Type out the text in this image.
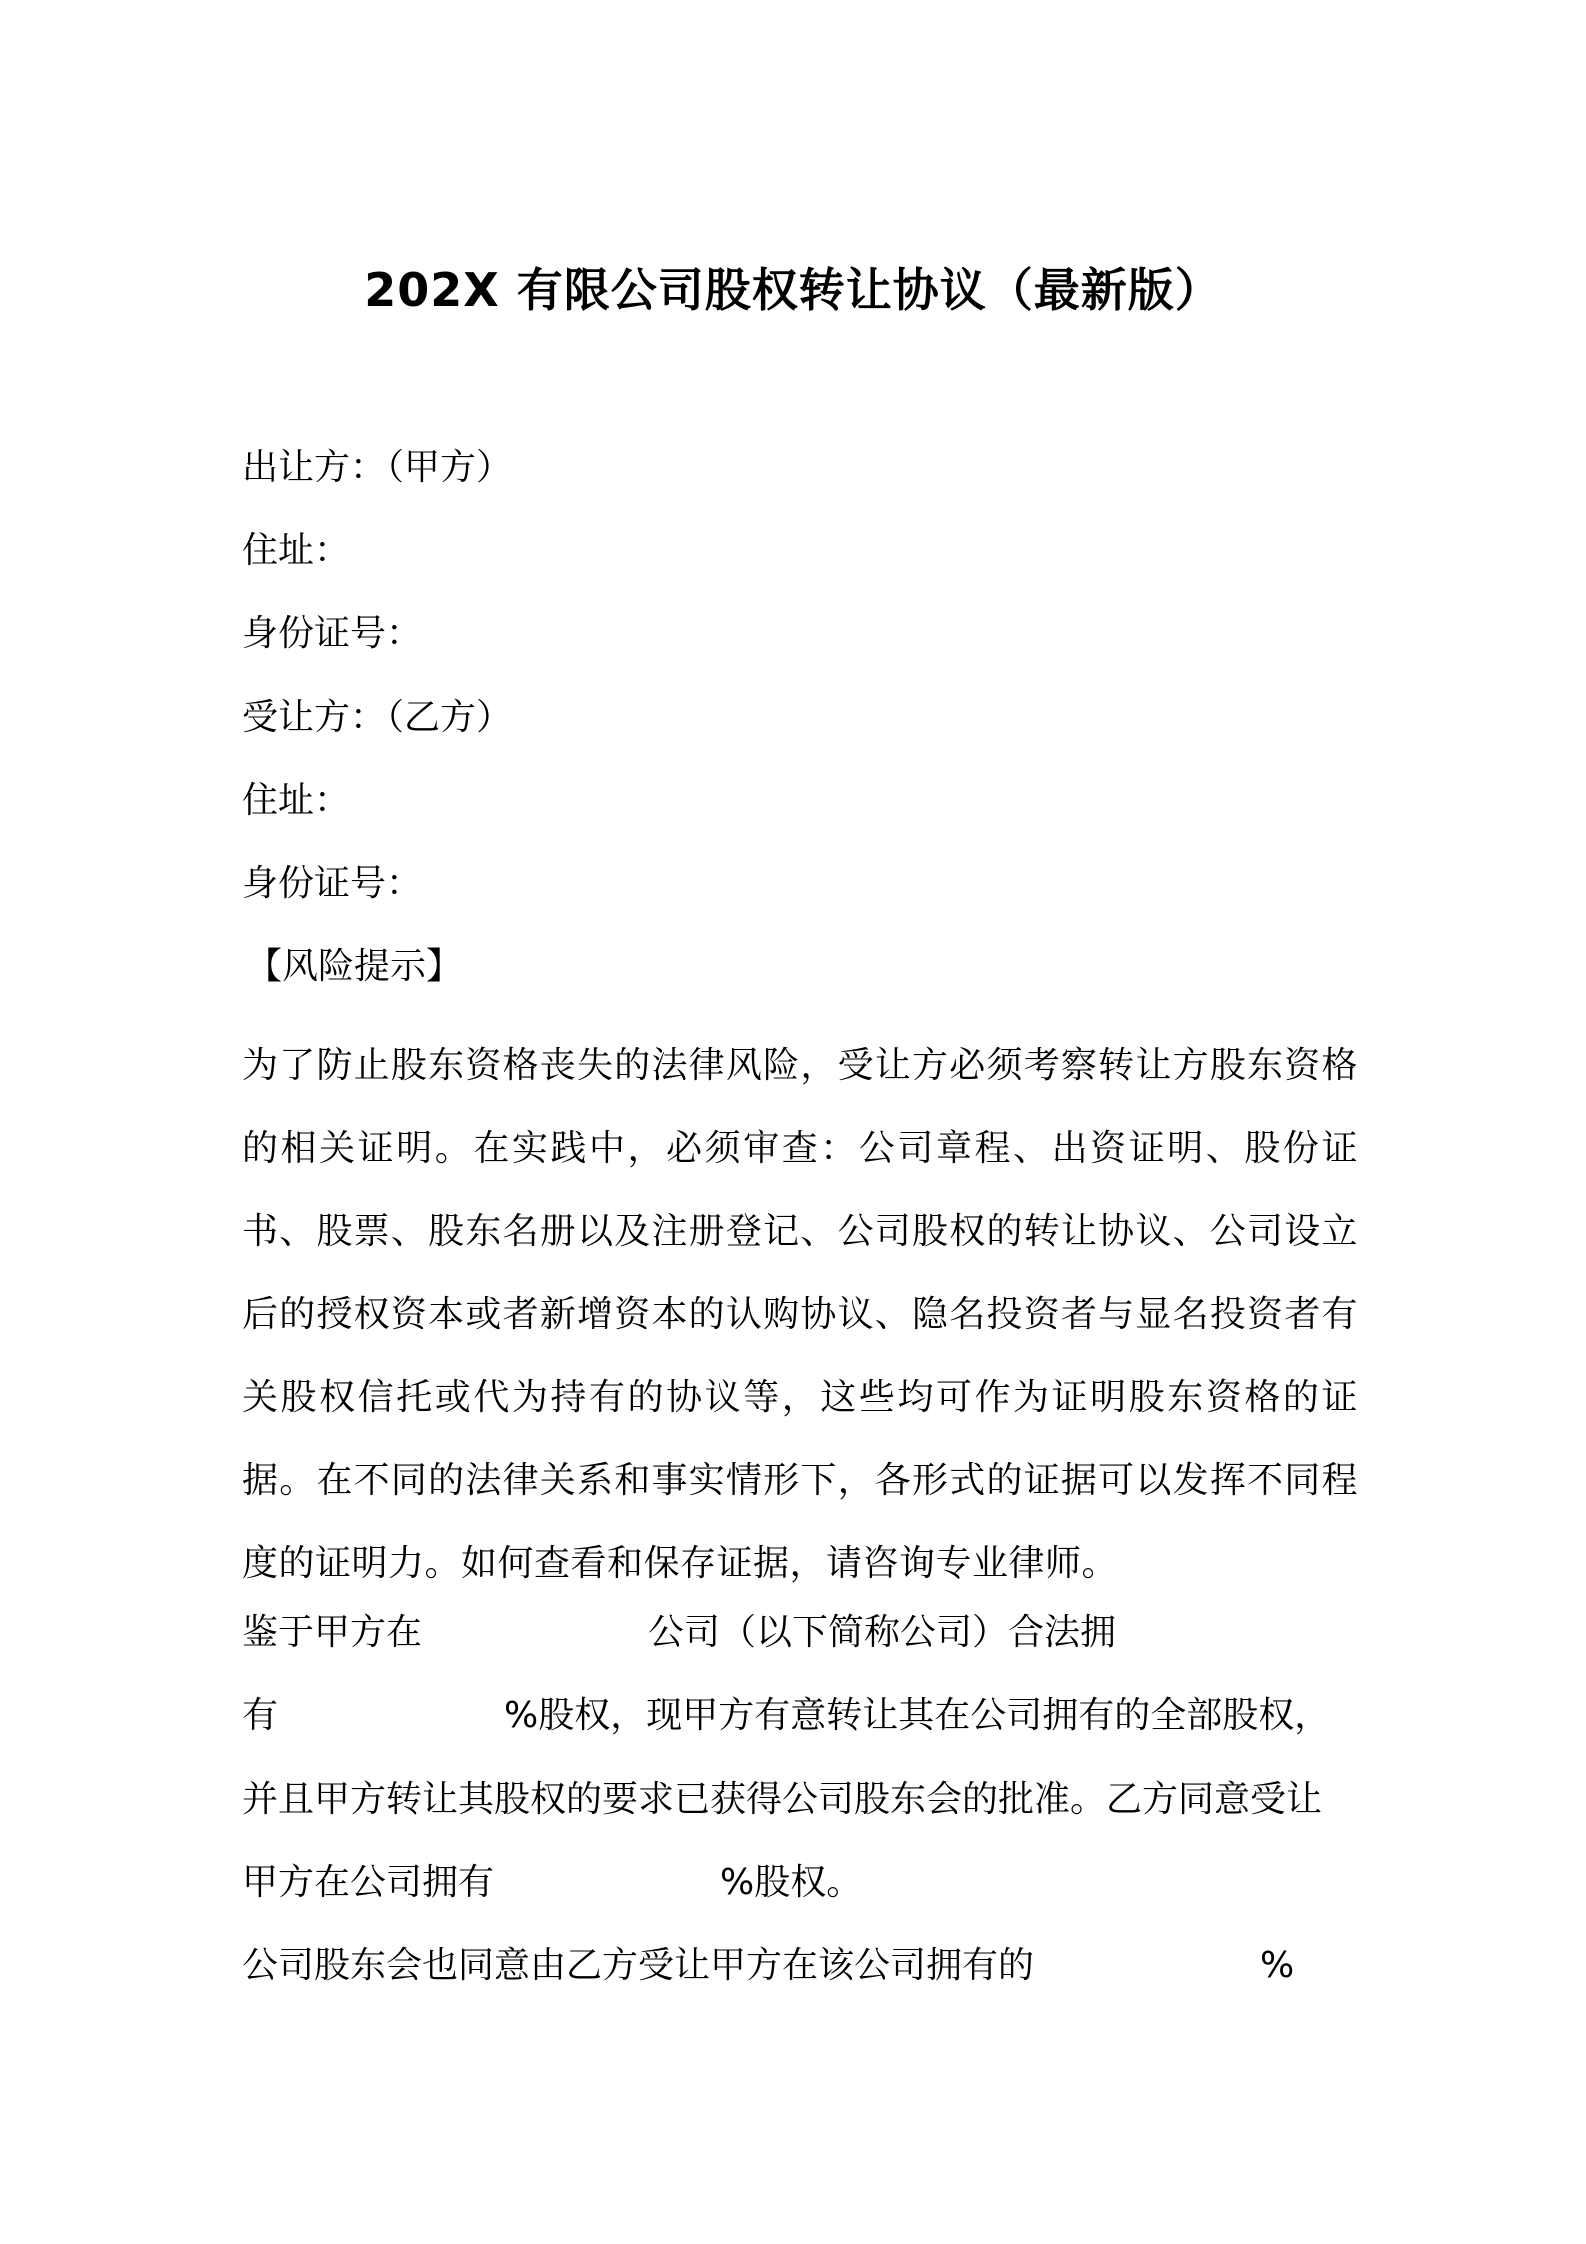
202X 有限公司股权转让协议（最新版）
出让方：（甲方）
住址：
身份证号：
受让方：（乙方）
住址：
身份证号：
【风险提示】
为了防止股东资格丧失的法律风险，受让方必须考察转让方股东资格的相关证明。在实践中，必须审查：公司章程、出资证明、股份证书、股票、股东名册以及注册登记、公司股权的转让协议、公司设立后的授权资本或者新增资本的认购协议、隐名投资者与显名投资者有关股权信托或代为持有的协议等，这些均可作为证明股东资格的证据。在不同的法律关系和事实情形下，各形式的证据可以发挥不同程度的证明力。如何查看和保存证据，请咨询专业律师。
鉴于甲方在	公司（以下简称公司）合法拥
有	%股权，现甲方有意转让其在公司拥有的全部股权，
并且甲方转让其股权的要求已获得公司股东会的批准。乙方同意受让
甲方在公司拥有	%股权。
公司股东会也同意由乙方受让甲方在该公司拥有的	%
